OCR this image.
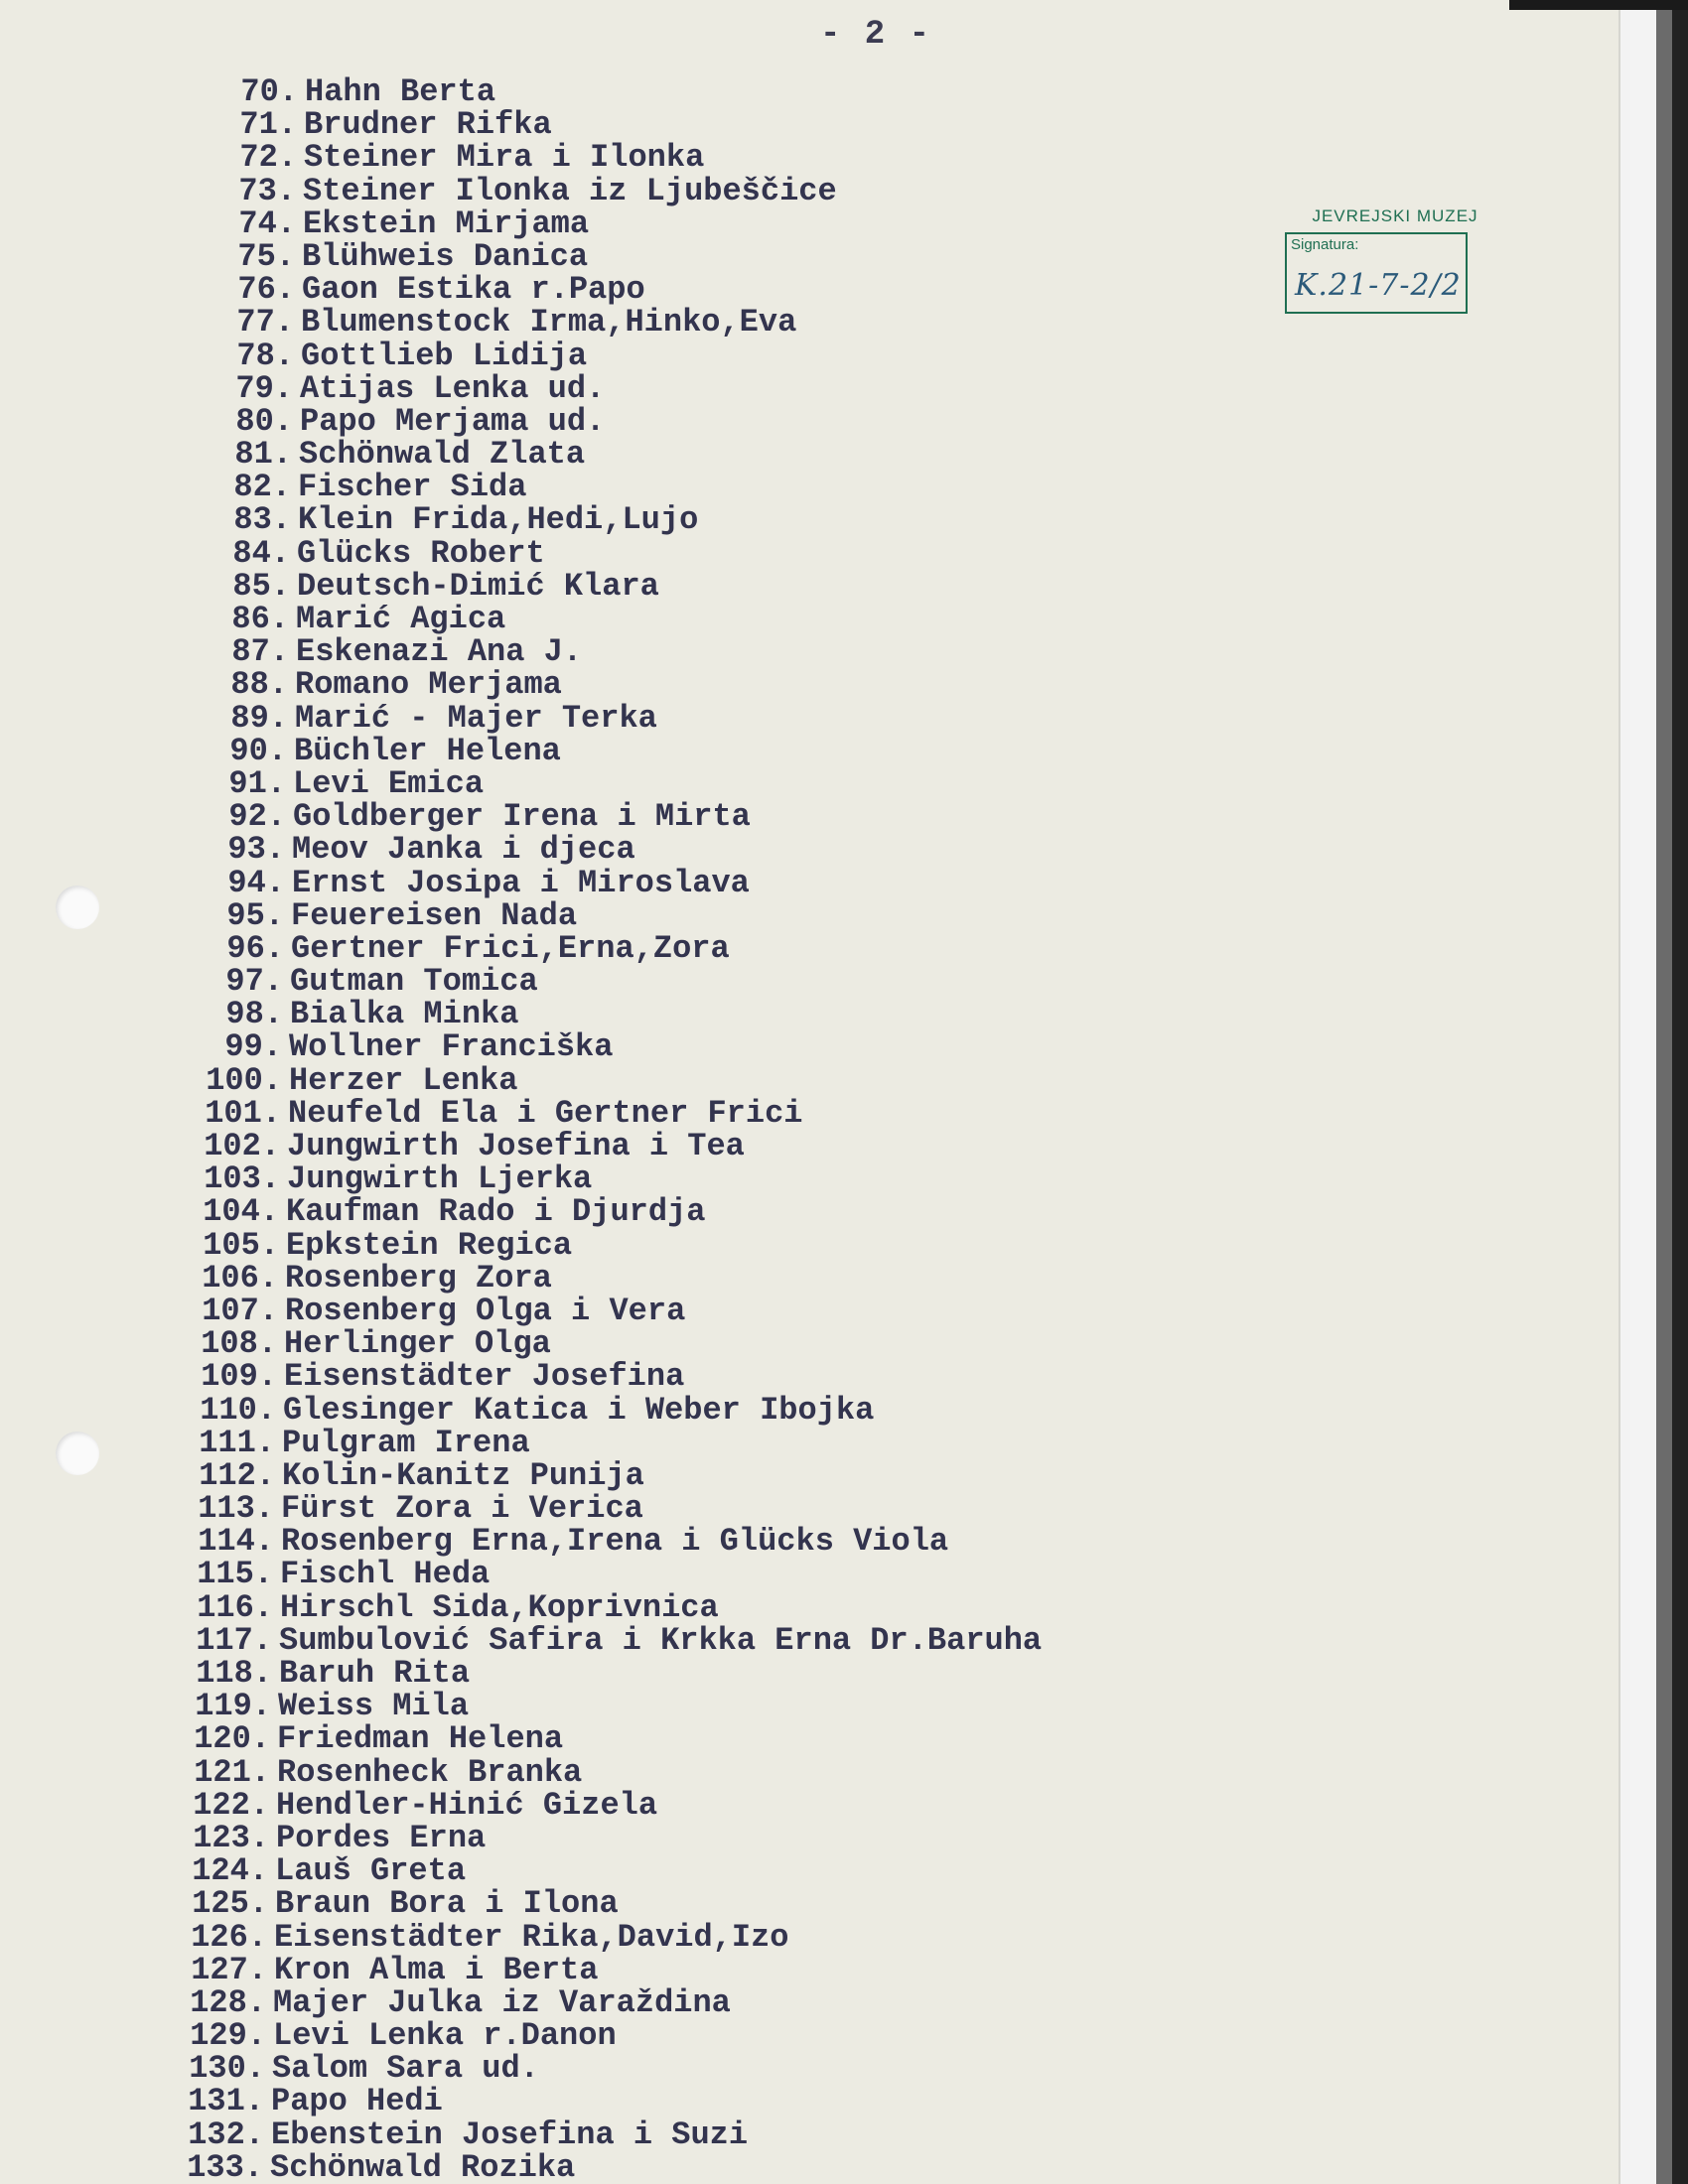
- 2 -
JEVREJSKI MUZEJ
Signatura:
K.21-7-2/2
70. Hahn Berta
71. Brudner Rifka
72. Steiner Mira i Ilonka
73. Steiner Ilonka iz Ljubeščice
74. Ekstein Mirjama
75. Blühweis Danica
76. Gaon Estika r.Papo
77. Blumenstock Irma,Hinko,Eva
78. Gottlieb Lidija
79. Atijas Lenka ud.
80. Papo Merjama ud.
81. Schönwald Zlata
82. Fischer Sida
83. Klein Frida,Hedi,Lujo
84. Glücks Robert
85. Deutsch-Dimić Klara
86. Marić Agica
87. Eskenazi Ana J.
88. Romano Merjama
89. Marić - Majer Terka
90. Büchler Helena
91. Levi Emica
92. Goldberger Irena i Mirta
93. Meov Janka i djeca
94. Ernst Josipa i Miroslava
95. Feuereisen Nada
96. Gertner Frici,Erna,Zora
97. Gutman Tomica
98. Bialka Minka
99. Wollner Franciška
100. Herzer Lenka
101. Neufeld Ela i Gertner Frici
102. Jungwirth Josefina i Tea
103. Jungwirth Ljerka
104. Kaufman Rado i Djurdja
105. Epkstein Regica
106. Rosenberg Zora
107. Rosenberg Olga i Vera
108. Herlinger Olga
109. Eisenstädter Josefina
110. Glesinger Katica i Weber Ibojka
111. Pulgram Irena
112. Kolin-Kanitz Punija
113. Fürst Zora i Verica
114. Rosenberg Erna,Irena i Glücks Viola
115. Fischl Heda
116. Hirschl Sida,Koprivnica
117. Sumbulović Safira i Krkka Erna Dr.Baruha
118. Baruh Rita
119. Weiss Mila
120. Friedman Helena
121. Rosenheck Branka
122. Hendler-Hinić Gizela
123. Pordes Erna
124. Lauš Greta
125. Braun Bora i Ilona
126. Eisenstädter Rika,David,Izo
127. Kron Alma i Berta
128. Majer Julka iz Varaždina
129. Levi Lenka r.Danon
130. Salom Sara ud.
131. Papo Hedi
132. Ebenstein Josefina i Suzi
133. Schönwald Rozika
